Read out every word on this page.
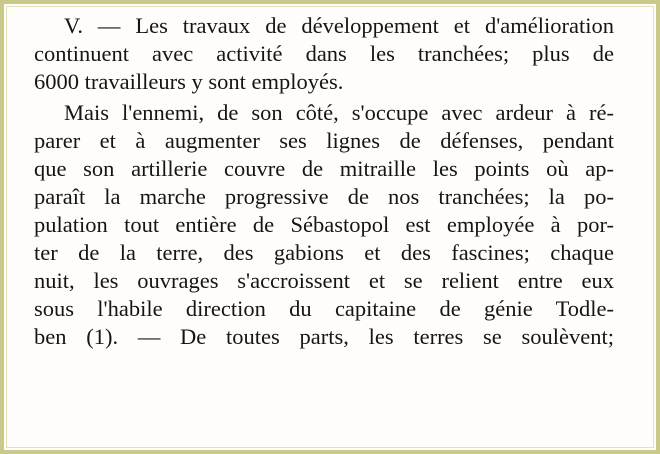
V. — Les travaux de développement et d'amélioration
continuent avec activité dans les tranchées; plus de
6000 travailleurs y sont employés.

Mais l'ennemi, de son côté, s'occupe avec ardeur à ré-
parer et à augmenter ses lignes de défenses, pendant
que son artillerie couvre de mitraille les points où ap-
paraît la marche progressive de nos tranchées; la po-
pulation tout entière de Sébastopol est employée à por-
ter de la terre, des gabions et des fascines; chaque
nuit, les ouvrages s'accroissent et se relient entre eux
sous l'habile direction du capitaine de génie Todle-
ben (1). — De toutes parts, les terres se soulèvent;
